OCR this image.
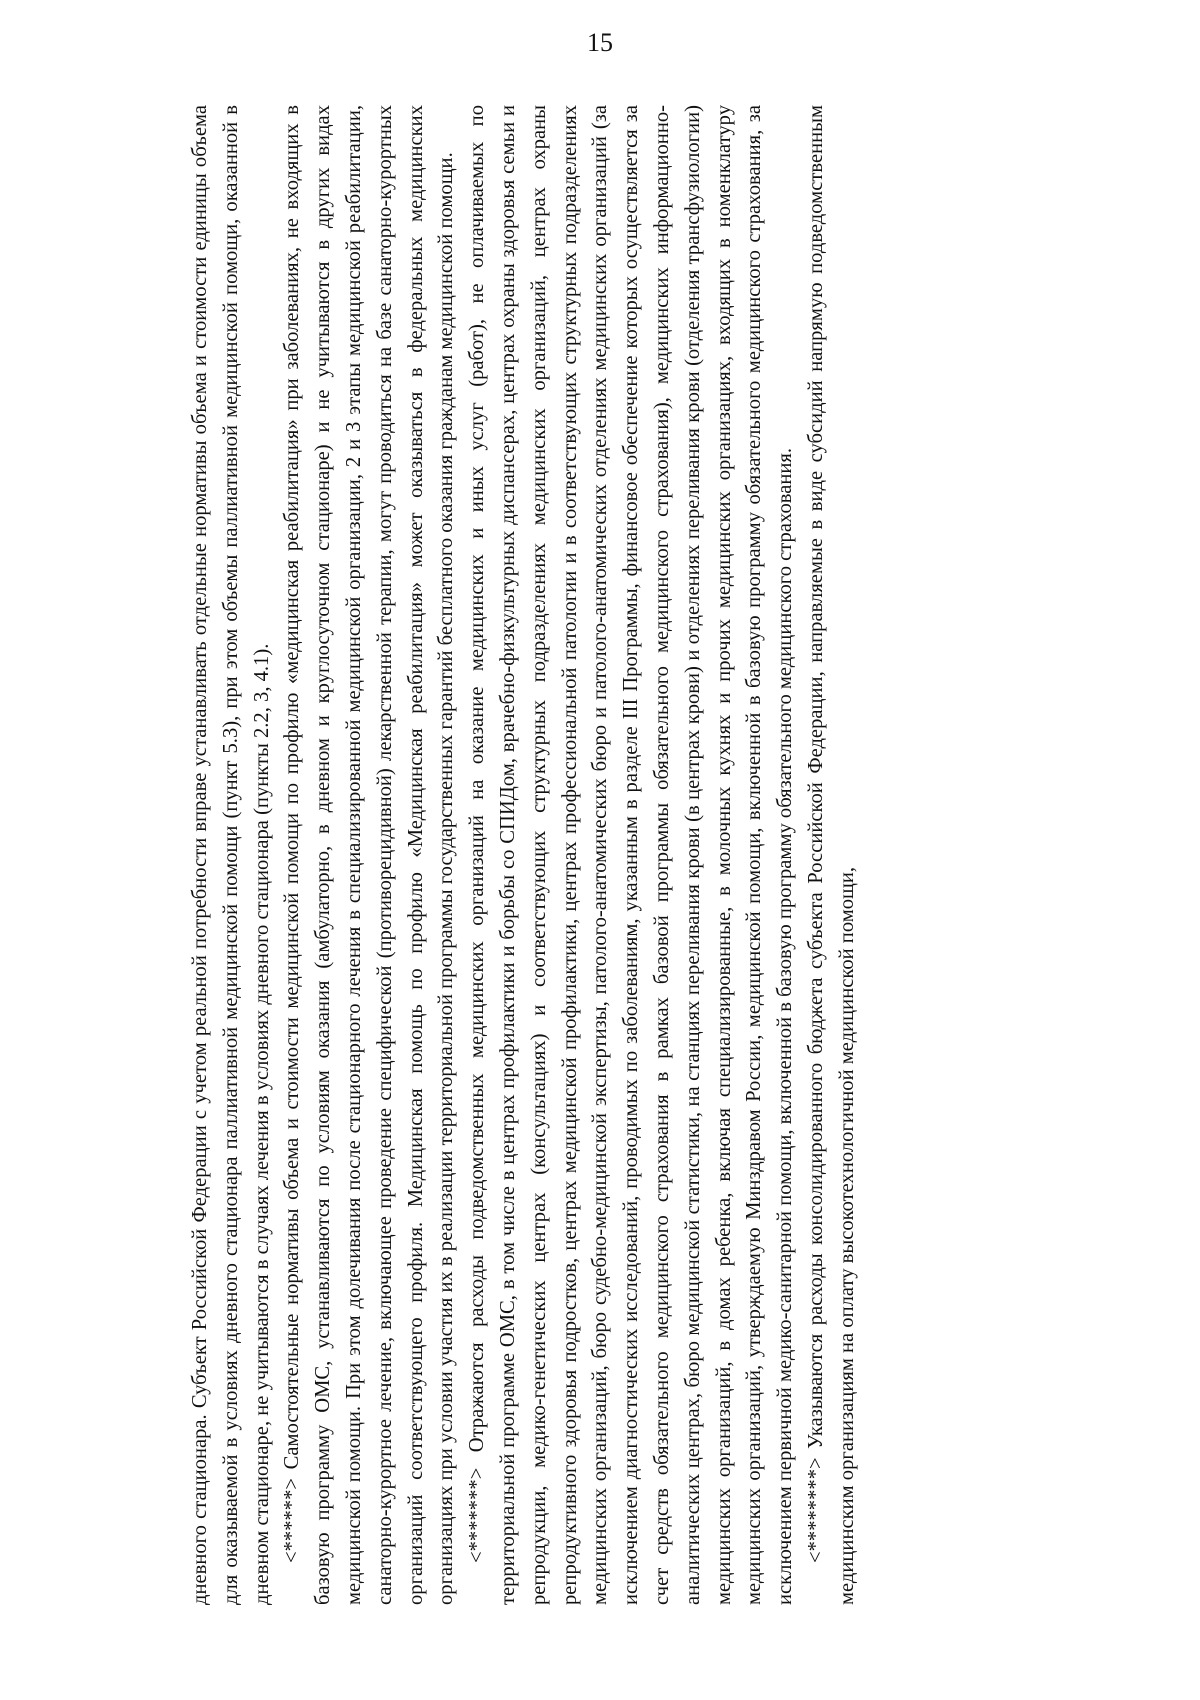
15

дневного стационара. Субъект Российской Федерации с учетом реальной потребности вправе устанавливать отдельные нормативы объема и стоимости единицы объема для оказываемой в условиях дневного стационара паллиативной медицинской помощи (пункт 5.3), при этом объемы паллиативной медицинской помощи, оказанной в дневном стационаре, не учитываются в случаях лечения в условиях дневного стационара (пункты 2.2, 3, 4.1). <******> Самостоятельные нормативы объема и стоимости медицинской помощи по профилю «медицинская реабилитация» при заболеваниях, не входящих в базовую программу ОМС, устанавливаются по условиям оказания (амбулаторно, в дневном и круглосуточном стационаре) и не учитываются в других видах медицинской помощи. При этом долечивания после стационарного лечения в специализированной медицинской организации, 2 и 3 этапы медицинской реабилитации, санаторно-курортное лечение, включающее проведение специфической (противорецидивной) лекарственной терапии, могут проводиться на базе санаторно-курортных организаций соответствующего профиля. Медицинская помощь по профилю «Медицинская реабилитация» может оказываться в федеральных медицинских организациях при условии участия их в реализации территориальной программы государственных гарантий бесплатного оказания гражданам медицинской помощи. <*******> Отражаются расходы подведомственных медицинских организаций на оказание медицинских и иных услуг (работ), не оплачиваемых по территориальной программе ОМС, в том числе в центрах профилактики и борьбы со СПИДом, врачебно-физкультурных диспансерах, центрах охраны здоровья семьи и репродукции, медико-генетических центрах (консультациях) и соответствующих структурных подразделениях медицинских организаций, центрах охраны репродуктивного здоровья подростков, центрах медицинской профилактики, центрах профессиональной патологии и в соответствующих структурных подразделениях медицинских организаций, бюро судебно-медицинской экспертизы, патолого-анатомических бюро и патолого-анатомических отделениях медицинских организаций (за исключением диагностических исследований, проводимых по заболеваниям, указанным в разделе III Программы, финансовое обеспечение которых осуществляется за счет средств обязательного медицинского страхования в рамках базовой программы обязательного медицинского страхования), медицинских информационно-аналитических центрах, бюро медицинской статистики, на станциях переливания крови (в центрах крови) и отделениях переливания крови (отделения трансфузиологии) медицинских организаций, в домах ребенка, включая специализированные, в молочных кухнях и прочих медицинских организациях, входящих в номенклатуру медицинских организаций, утверждаемую Минздравом России, медицинской помощи, включенной в базовую программу обязательного медицинского страхования, за исключением первичной медико-санитарной помощи, включенной в базовую программу обязательного медицинского страхования. <********> Указываются расходы консолидированного бюджета субъекта Российской Федерации, направляемые в виде субсидий напрямую подведомственным медицинским организациям на оплату высокотехнологичной медицинской помощи,
